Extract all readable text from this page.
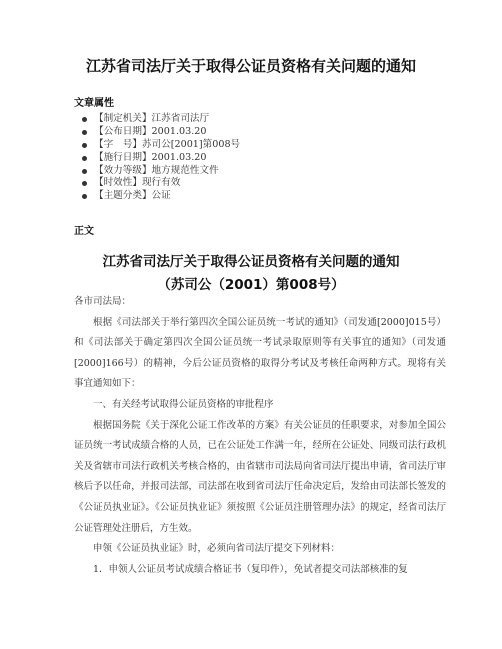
江苏省司法厅关于取得公证员资格有关问题的通知
文章属性
【制定机关】江苏省司法厅
【公布日期】2001.03.20
【字　号】苏司公[2001]第008号
【施行日期】2001.03.20
【效力等级】地方规范性文件
【时效性】现行有效
【主题分类】公证
正文
江苏省司法厅关于取得公证员资格有关问题的通知
（苏司公（2001）第008号）

各市司法局：

根据《司法部关于举行第四次全国公证员统一考试的通知》（司发通[2000]015号）和《司法部关于确定第四次全国公证员统一考试录取原则等有关事宜的通知》（司发通[2000]166号）的精神，今后公证员资格的取得分考试及考核任命两种方式。现将有关事宜通知如下：

一、有关经考试取得公证员资格的审批程序

根据国务院《关于深化公证工作改革的方案》有关公证员的任职要求，对参加全国公证员统一考试成绩合格的人员，已在公证处工作满一年，经所在公证处、同级司法行政机关及省辖市司法行政机关考核合格的，由省辖市司法局向省司法厅提出申请，省司法厅审核后予以任命，并报司法部，司法部在收到省司法厅任命决定后，发给由司法部长签发的《公证员执业证》。《公证员执业证》须按照《公证员注册管理办法》的规定，经省司法厅公证管理处注册后，方生效。

申领《公证员执业证》时，必须向省司法厅提交下列材料：

1．申领人公证员考试成绩合格证书（复印件），免试者提交司法部核准的复
